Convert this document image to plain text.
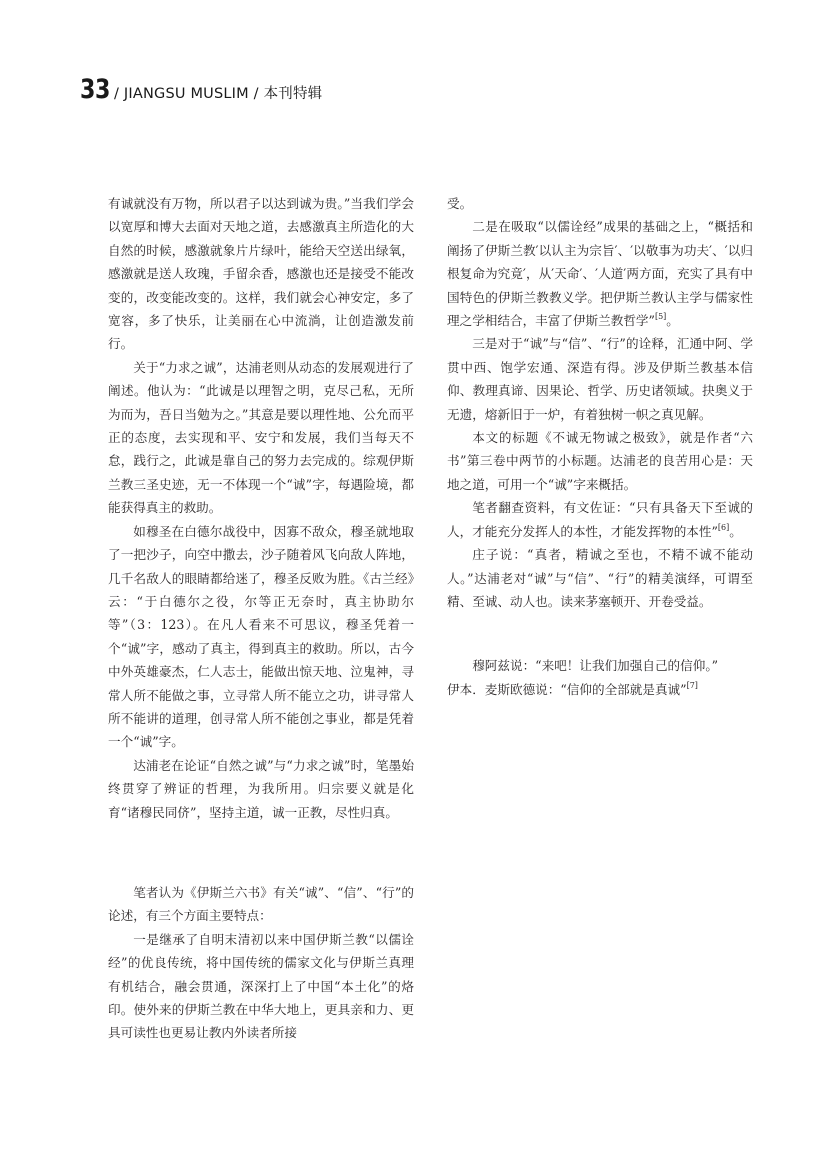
33 / JIANGSU MUSLIM / 本刊特辑

有诚就没有万物，所以君子以达到诚为贵。”当我们学会以宽厚和博大去面对天地之道，去感激真主所造化的大自然的时候，感激就象片片绿叶，能给天空送出绿氧，感激就是送人玫瑰，手留余香，感激也还是接受不能改变的，改变能改变的。这样，我们就会心神安定，多了宽容，多了快乐，让美丽在心中流淌，让创造激发前行。

关于“力求之诚”，达浦老则从动态的发展观进行了阐述。他认为：“此诚是以理智之明，克尽己私，无所为而为，吾日当勉为之。”其意是要以理性地、公允而平正的态度，去实现和平、安宁和发展，我们当每天不怠，践行之，此诚是靠自己的努力去完成的。综观伊斯兰教三圣史迹，无一不体现一个“诚”字，每遇险境，都能获得真主的救助。

如穆圣在白德尔战役中，因寡不敌众，穆圣就地取了一把沙子，向空中撒去，沙子随着风飞向敌人阵地，几千名敌人的眼睛都给迷了，穆圣反败为胜。《古兰经》云：“于白德尔之役，尔等正无奈时，真主协助尔等”（3：123）。在凡人看来不可思议，穆圣凭着一个“诚”字，感动了真主，得到真主的救助。所以，古今中外英雄豪杰，仁人志士，能做出惊天地、泣鬼神，寻常人所不能做之事，立寻常人所不能立之功，讲寻常人所不能讲的道理，创寻常人所不能创之事业，都是凭着一个“诚”字。

达浦老在论证“自然之诚”与“力求之诚”时，笔墨始终贯穿了辨证的哲理，为我所用。归宗要义就是化育“诸穆民同侪”，坚持主道，诚一正教，尽性归真。

笔者认为《伊斯兰六书》有关“诚”、“信”、“行”的论述，有三个方面主要特点：

一是继承了自明末清初以来中国伊斯兰教“以儒诠经”的优良传统，将中国传统的儒家文化与伊斯兰真理有机结合，融会贯通，深深打上了中国“本土化”的烙印。使外来的伊斯兰教在中华大地上，更具亲和力、更具可读性也更易让教内外读者所接

受。

二是在吸取“以儒诠经”成果的基础之上，“概括和阐扬了伊斯兰教′以认主为宗旨′、′以敬事为功夫′、′以归根复命为究竟′，从′天命′、′人道′两方面，充实了具有中国特色的伊斯兰教教义学。把伊斯兰教认主学与儒家性理之学相结合，丰富了伊斯兰教哲学”[5]。

三是对于“诚”与“信”、“行”的诠释，汇通中阿、学贯中西、饱学宏通、深造有得。涉及伊斯兰教基本信仰、教理真谛、因果论、哲学、历史诸领域。抉奥义于无遗，熔新旧于一炉，有着独树一帜之真见解。

本文的标题《不诚无物诚之极致》，就是作者“六书”第三卷中两节的小标题。达浦老的良苦用心是：天地之道，可用一个“诚”字来概括。

笔者翻查资料，有文佐证：“只有具备天下至诚的人，才能充分发挥人的本性，才能发挥物的本性”[6]。

庄子说：“真者，精诚之至也，不精不诚不能动人。”达浦老对“诚”与“信”、“行”的精美演绎，可谓至精、至诚、动人也。读来茅塞顿开、开卷受益。

穆阿兹说：“来吧！让我们加强自己的信仰。”

伊本．麦斯欧德说：“信仰的全部就是真诚”[7]
